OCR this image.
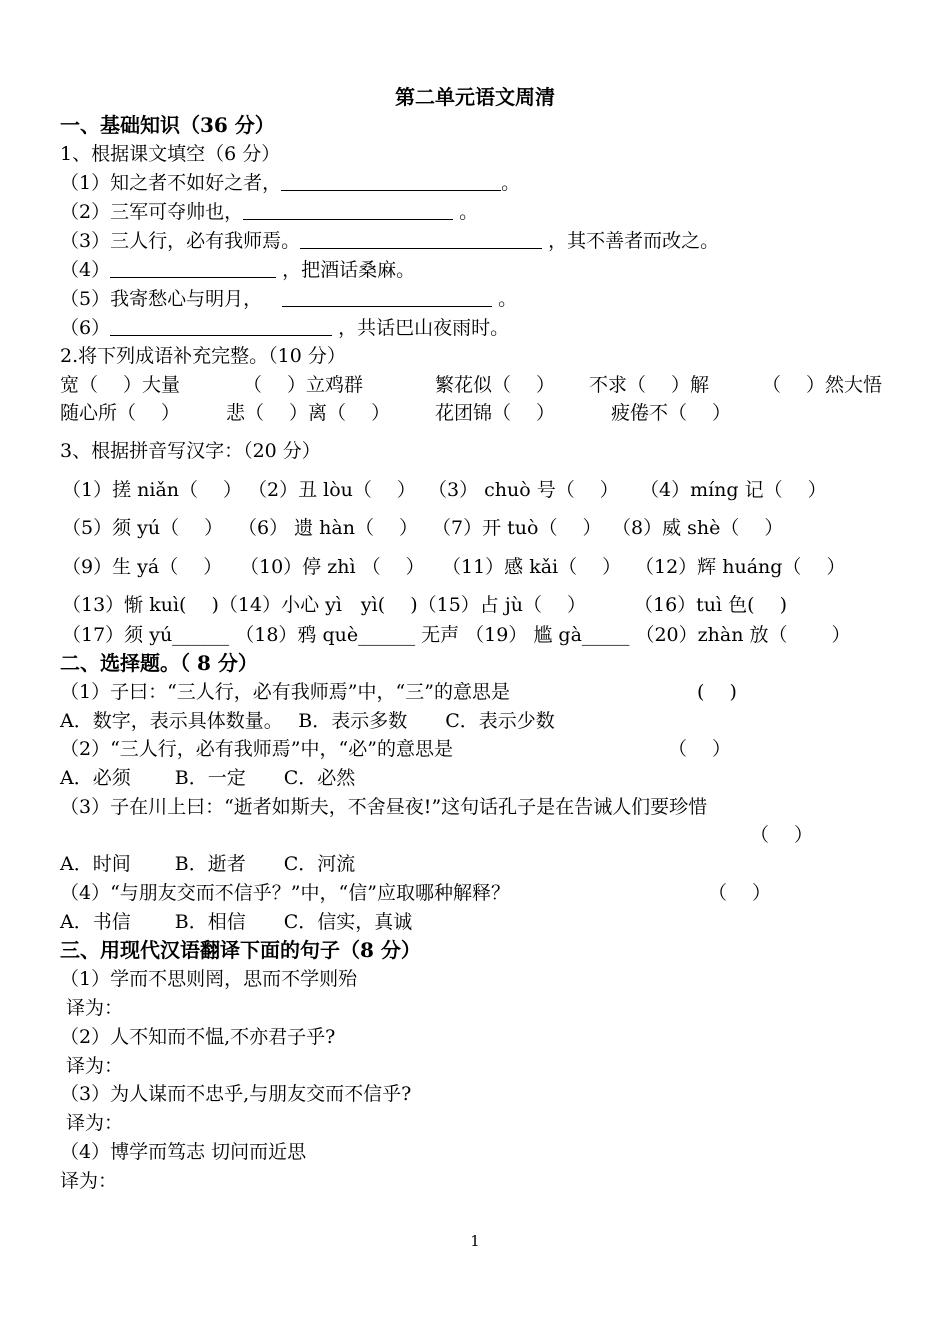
第二单元语文周清
一、基础知识（36 分）
1、根据课文填空（6 分）
（1）知之者不如好之者，	。
（2）三军可夺帅也，	。
（3）三人行，必有我师焉。	，其不善者而改之。
（4）	，把酒话桑麻。
（5）我寄愁心与明月，	。
（6）	，共话巴山夜雨时。
2.将下列成语补充完整。（10 分）
宽（　 ）大量	（　 ）立鸡群	繁花似（　 ） 不求（　 ）解	（　 ）然大悟
随心所（　 ） 悲（　 ）离（　 ） 花团锦（　 ）	疲倦不（　 ）
3、根据拼音写汉字：（20 分）
（1）搓 niǎn（　 ） （2）丑 lòu（　 ） （3） chuò 号（　 ） （4）míng 记（　 ）
（5）须 yú（　 ） （6） 遗 hàn（　 ） （7）开 tuò（　 ） （8）威 shè（　 ）
（9）生 yá（　 ） （10）停 zhì （　 ） （11）感 kǎi（　 ） （12）辉 huáng（　 ）
（13）惭 kuì(　 )（14）小心 yì　yì(　 )（15）占 jù（　 ）	（16）tuì 色(　 )
（17）须 yú______ （18）鸦 què______ 无声 （19） 尴 gà_____ （20）zhàn 放（　　 ）
二、选择题。（ 8 分）
（1）子曰：“三人行，必有我师焉”中，“三”的意思是	(　 )
A．数字，表示具体数量。　 B．表示多数　　C．表示少数
（2）“三人行，必有我师焉”中，“必”的意思是	（　 ）
A．必须　　 B．一定　　C．必然
（3）子在川上曰：“逝者如斯夫，不舍昼夜!”这句话孔子是在告诫人们要珍惜
（　 ）
A．时间　　 B．逝者　　C．河流
（4）“与朋友交而不信乎？”中，“信”应取哪种解释？	（　 ）
A．书信　　 B．相信　　C．信实，真诚
三、用现代汉语翻译下面的句子（8 分）
（1）学而不思则罔，思而不学则殆
译为：
（2）人不知而不愠,不亦君子乎?
译为：
（3）为人谋而不忠乎,与朋友交而不信乎?
译为：
（4）博学而笃志 切问而近思
译为：
1
